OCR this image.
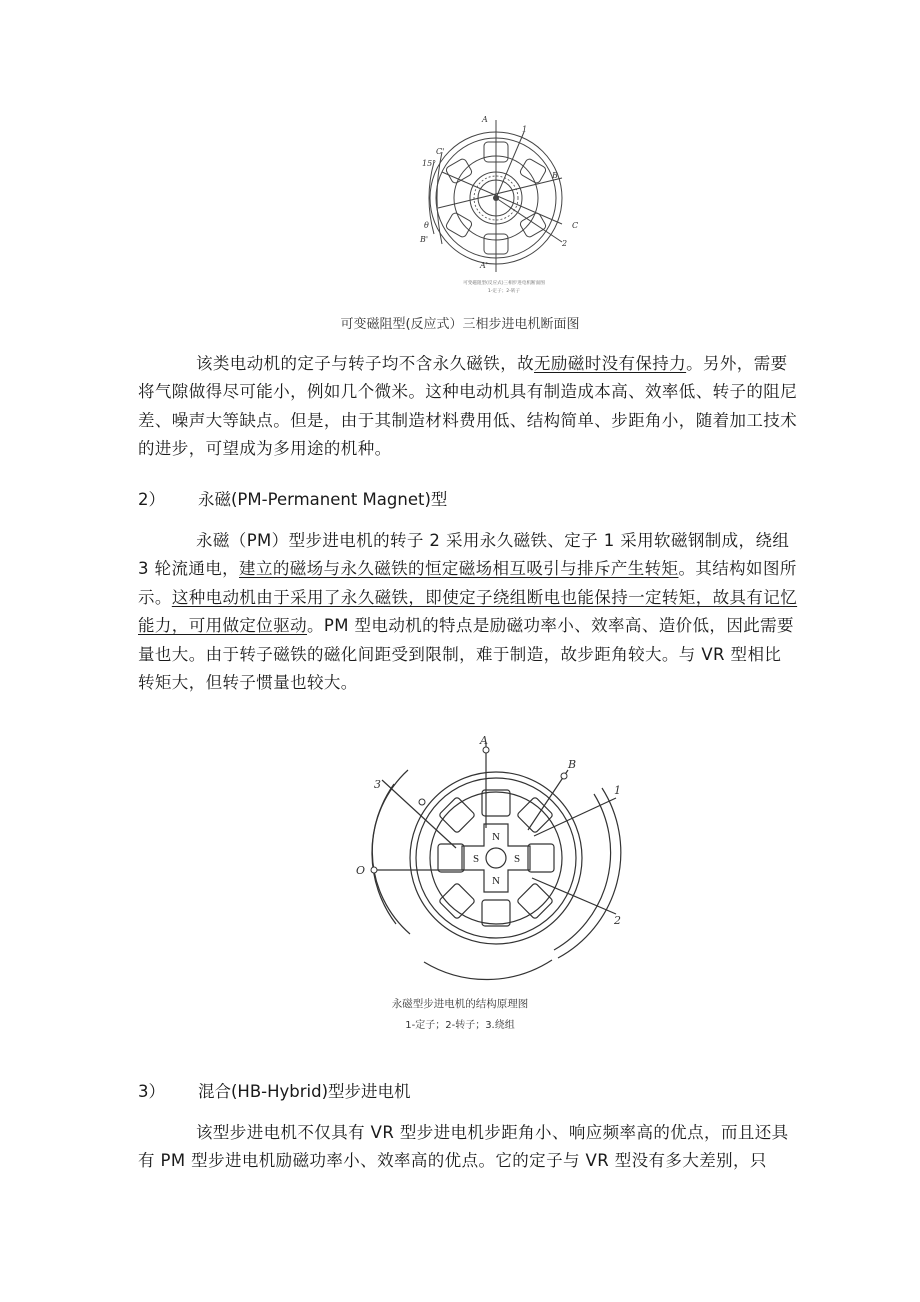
A
1
B
C
2
B'
A'
C'
15°
θ
可变磁阻型(反应式)三相步进电机断面图
1-定子；2-转子
可变磁阻型(反应式）三相步进电机断面图

该类电动机的定子与转子均不含永久磁铁，故无励磁时没有保持力。另外，需要将气隙做得尽可能小，例如几个微米。这种电动机具有制造成本高、效率低、转子的阻尼差、噪声大等缺点。但是，由于其制造材料费用低、结构简单、步距角小，随着加工技术的进步，可望成为多用途的机种。

2） 永磁(PM-Permanent Magnet)型

永磁（PM）型步进电机的转子 2 采用永久磁铁、定子 1 采用软磁钢制成，绕组 3 轮流通电，建立的磁场与永久磁铁的恒定磁场相互吸引与排斥产生转矩。其结构如图所示。这种电动机由于采用了永久磁铁，即使定子绕组断电也能保持一定转矩，故具有记忆能力，可用做定位驱动。PM 型电动机的特点是励磁功率小、效率高、造价低，因此需要量也大。由于转子磁铁的磁化间距受到限制，难于制造，故步距角较大。与 VR 型相比转矩大，但转子惯量也较大。

A
B
O
1
2
3
N
N
S	S
永磁型步进电机的结构原理图
1-定子；2-转子；3.绕组
3） 混合(HB-Hybrid)型步进电机

该型步进电机不仅具有 VR 型步进电机步距角小、响应频率高的优点，而且还具有 PM 型步进电机励磁功率小、效率高的优点。它的定子与 VR 型没有多大差别，只
